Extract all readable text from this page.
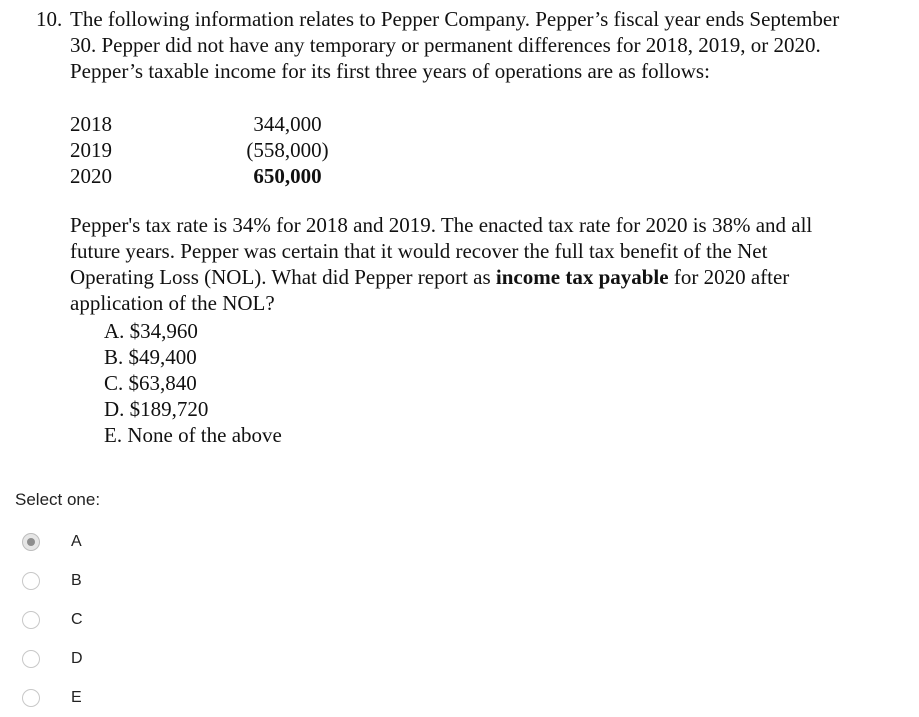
10. The following information relates to Pepper Company. Pepper’s fiscal year ends September
30. Pepper did not have any temporary or permanent differences for 2018, 2019, or 2020.
Pepper’s taxable income for its first three years of operations are as follows:
2018	344,000
2019	(558,000)
2020	650,000
Pepper's tax rate is 34% for 2018 and 2019. The enacted tax rate for 2020 is 38% and all
future years. Pepper was certain that it would recover the full tax benefit of the Net
Operating Loss (NOL). What did Pepper report as income tax payable for 2020 after
application of the NOL?
A. $34,960
B. $49,400
C. $63,840
D. $189,720
E. None of the above
Select one:
A
B
C
D
E
